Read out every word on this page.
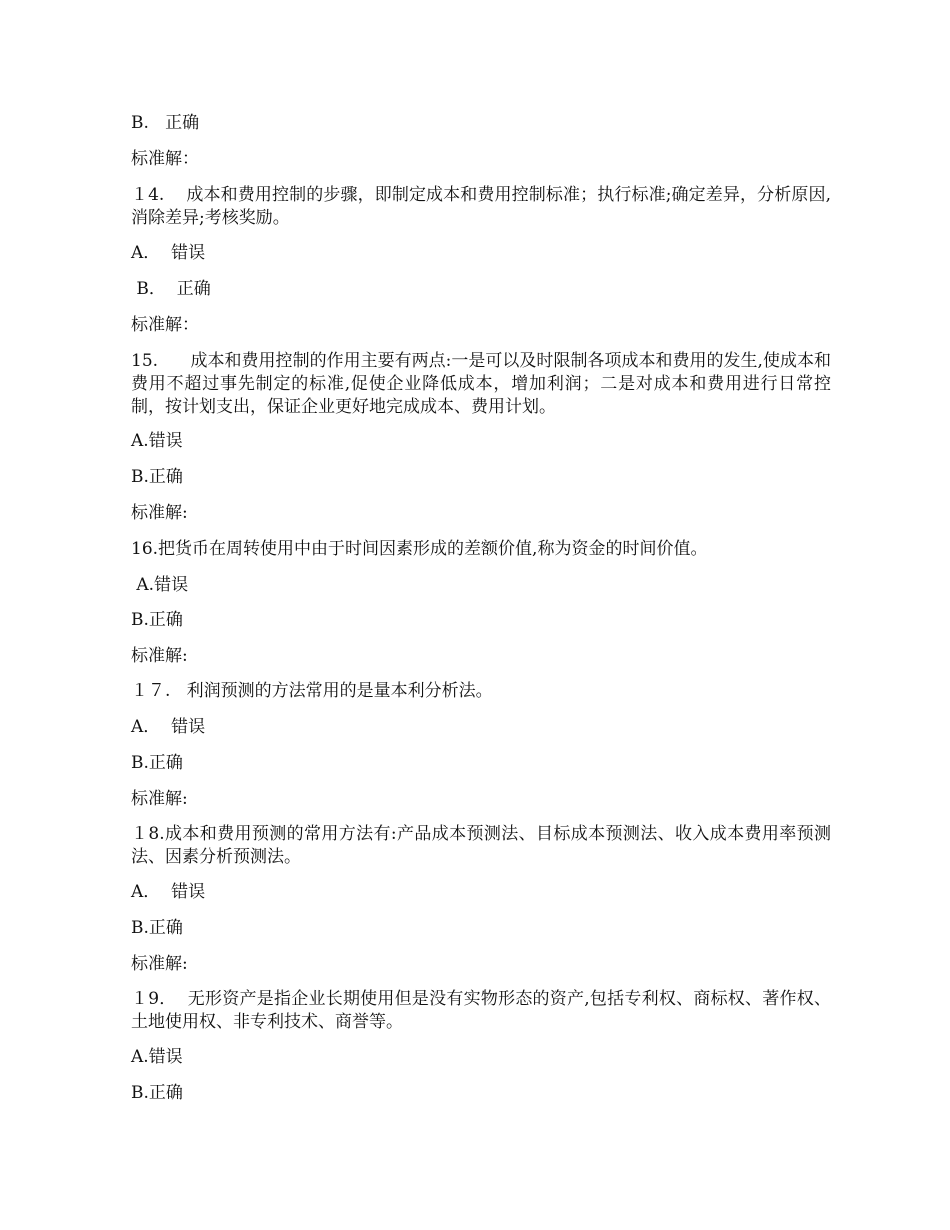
B.   正确
标准解：
１4.    成本和费用控制的步骤，即制定成本和费用控制标准；执行标准;确定差异，分析原因,消除差异;考核奖励。
A．  错误
B．  正确
标准解：
15.      成本和费用控制的作用主要有两点:一是可以及时限制各项成本和费用的发生,使成本和费用不超过事先制定的标准,促使企业降低成本，增加利润；二是对成本和费用进行日常控制，按计划支出，保证企业更好地完成成本、费用计划。
A.错误
B.正确
标准解:
16.把货币在周转使用中由于时间因素形成的差额价值,称为资金的时间价值。
A.错误
B.正确
标准解:
１７.   利润预测的方法常用的是量本利分析法。
A．  错误
B.正确
标准解:
１8.成本和费用预测的常用方法有:产品成本预测法、目标成本预测法、收入成本费用率预测法、因素分析预测法。
A．  错误
B.正确
标准解:
１9．  无形资产是指企业长期使用但是没有实物形态的资产,包括专利权、商标权、著作权、土地使用权、非专利技术、商誉等。
A.错误
B.正确
